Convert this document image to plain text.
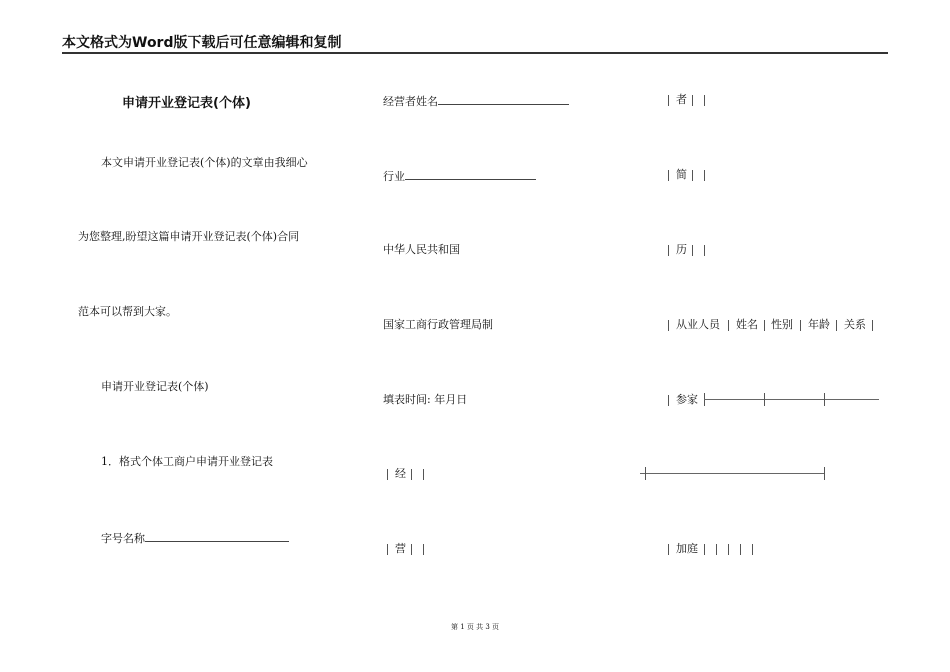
本文格式为Word版下载后可任意编辑和复制
申请开业登记表(个体)
本文申请开业登记表(个体)的文章由我细心
为您整理,盼望这篇申请开业登记表(个体)合同
范本可以帮到大家。
申请开业登记表(个体)
1．格式个体工商户申请开业登记表
字号名称
经营者姓名
行业
中华人民共和国
国家工商行政管理局制
填表时间: 年月日
经
营
者
简
历
从业人员 姓名 性别 年龄 关系
参家
加庭
第 1 页 共 3 页
